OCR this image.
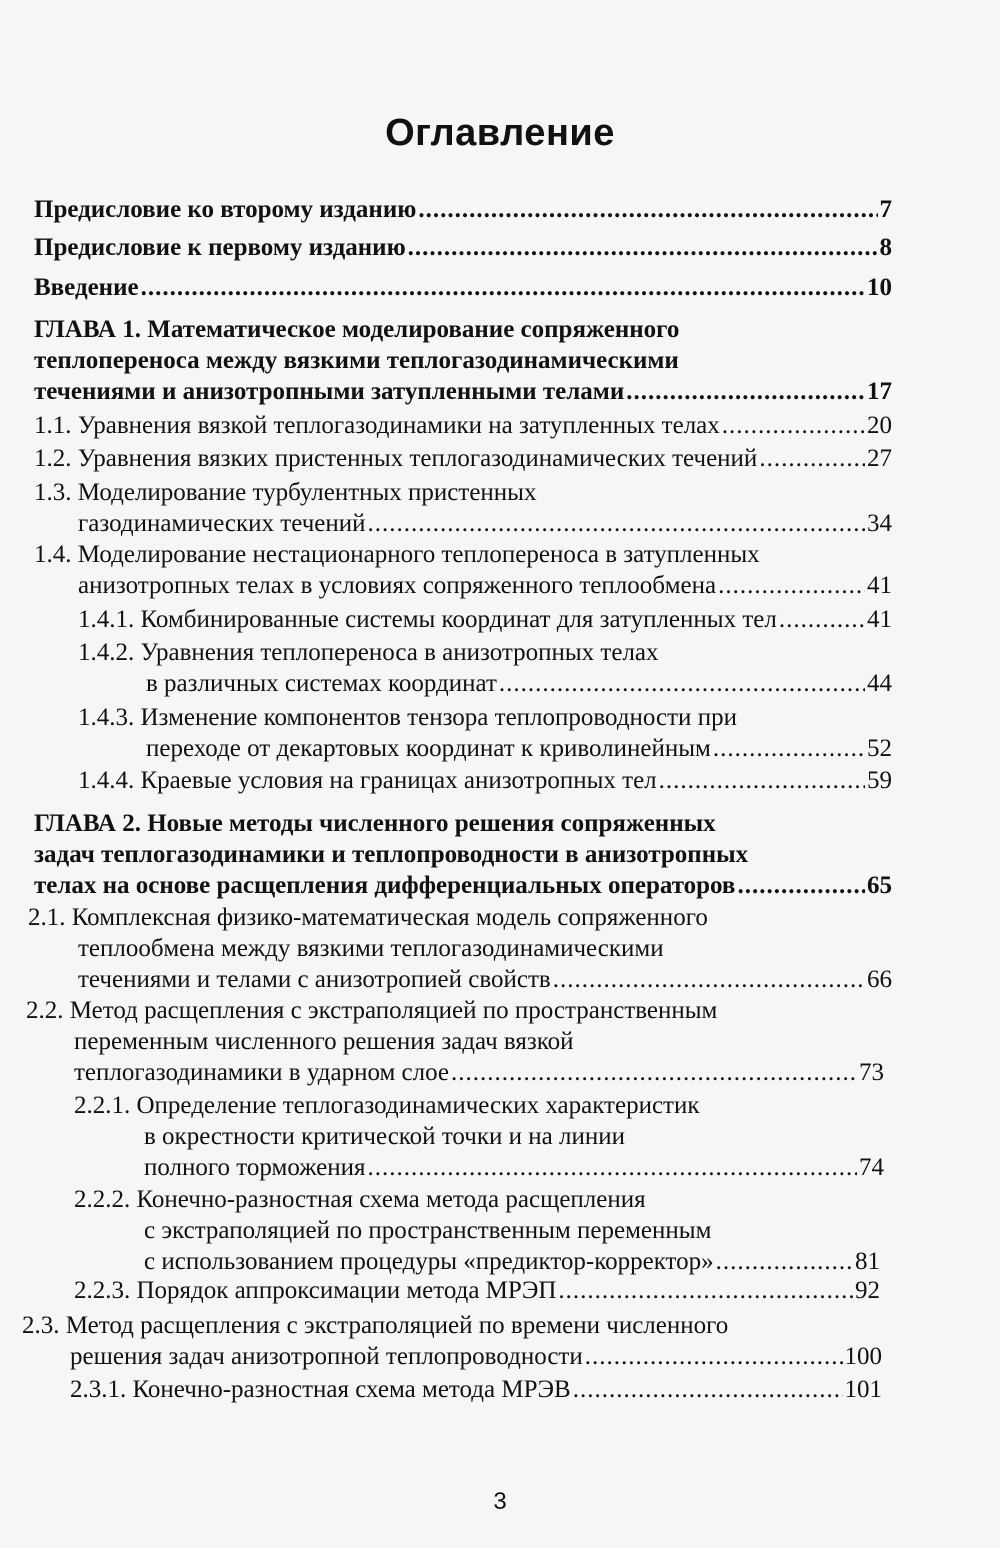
Оглавление
Предисловие ко второму изданию .....	7
Предисловие к первому изданию .....	8
Введение .....	10
ГЛАВА 1. Математическое моделирование сопряженного
теплопереноса между вязкими теплогазодинамическими
течениями и анизотропными затупленными телами .....	17
1.1. Уравнения вязкой теплогазодинамики на затупленных телах .....	20
1.2. Уравнения вязких пристенных теплогазодинамических течений .....	27
1.3. Моделирование турбулентных пристенных
газодинамических течений .....	34
1.4. Моделирование нестационарного теплопереноса в затупленных
анизотропных телах в условиях сопряженного теплообмена .....	41
1.4.1. Комбинированные системы координат для затупленных тел .....	41
1.4.2. Уравнения теплопереноса в анизотропных телах
в различных системах координат .....	44
1.4.3. Изменение компонентов тензора теплопроводности при
переходе от декартовых координат к криволинейным .....	52
1.4.4. Краевые условия на границах анизотропных тел .....	59
ГЛАВА 2. Новые методы численного решения сопряженных
задач теплогазодинамики и теплопроводности в анизотропных
телах на основе расщепления дифференциальных операторов .....	65
2.1. Комплексная физико-математическая модель сопряженного
теплообмена между вязкими теплогазодинамическими
течениями и телами с анизотропией свойств .....	66
2.2. Метод расщепления с экстраполяцией по пространственным
переменным численного решения задач вязкой
теплогазодинамики в ударном слое .....	73
2.2.1. Определение теплогазодинамических характеристик
в окрестности критической точки и на линии
полного торможения .....	74
2.2.2. Конечно-разностная схема метода расщепления
с экстраполяцией по пространственным переменным
с использованием процедуры «предиктор-корректор» .....	81
2.2.3. Порядок аппроксимации метода МРЭП .....	92
2.3. Метод расщепления с экстраполяцией по времени численного
решения задач анизотропной теплопроводности .....	100
2.3.1. Конечно-разностная схема метода МРЭВ .....	101
3
